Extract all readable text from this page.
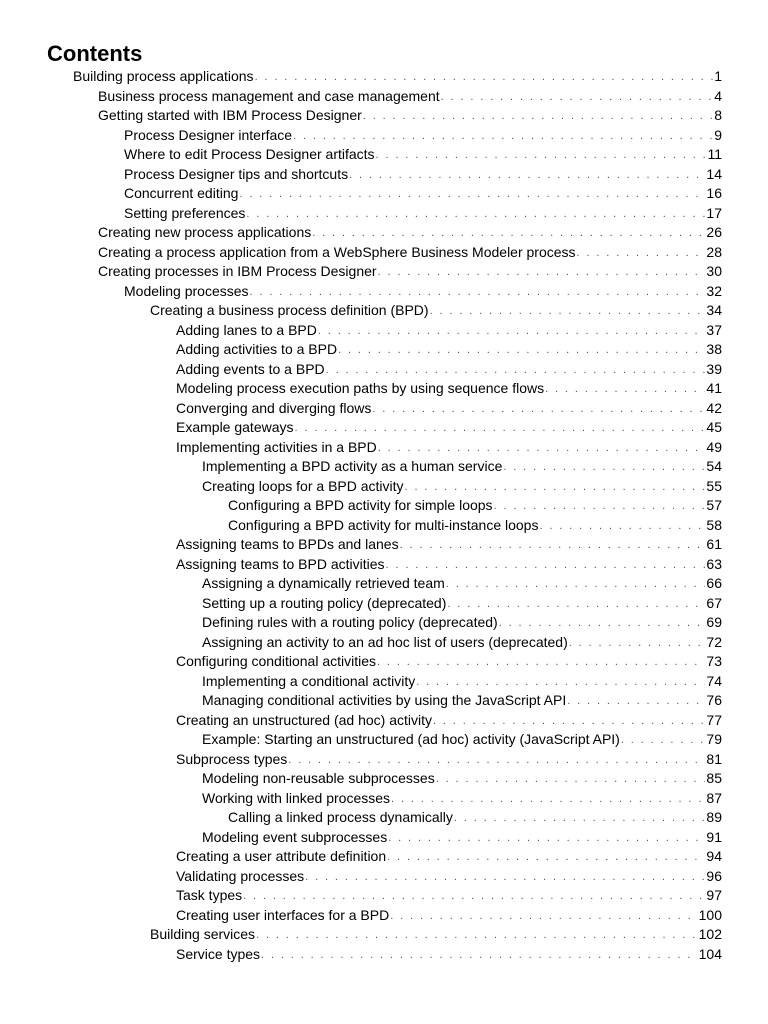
Contents
Building process applications . . .	1
Business process management and case management . . .	4
Getting started with IBM Process Designer . . .	8
Process Designer interface . . .	9
Where to edit Process Designer artifacts . . .	11
Process Designer tips and shortcuts . . .	14
Concurrent editing . . .	16
Setting preferences . . .	17
Creating new process applications . . .	26
Creating a process application from a WebSphere Business Modeler process . . .	28
Creating processes in IBM Process Designer . . .	30
Modeling processes . . .	32
Creating a business process definition (BPD) . . .	34
Adding lanes to a BPD . . .	37
Adding activities to a BPD . . .	38
Adding events to a BPD . . .	39
Modeling process execution paths by using sequence flows . . .	41
Converging and diverging flows . . .	42
Example gateways . . .	45
Implementing activities in a BPD . . .	49
Implementing a BPD activity as a human service . . .	54
Creating loops for a BPD activity . . .	55
Configuring a BPD activity for simple loops . . .	57
Configuring a BPD activity for multi-instance loops . . .	58
Assigning teams to BPDs and lanes . . .	61
Assigning teams to BPD activities . . .	63
Assigning a dynamically retrieved team . . .	66
Setting up a routing policy (deprecated) . . .	67
Defining rules with a routing policy (deprecated) . . .	69
Assigning an activity to an ad hoc list of users (deprecated) . . .	72
Configuring conditional activities . . .	73
Implementing a conditional activity . . .	74
Managing conditional activities by using the JavaScript API . . .	76
Creating an unstructured (ad hoc) activity . . .	77
Example: Starting an unstructured (ad hoc) activity (JavaScript API) . . .	79
Subprocess types . . .	81
Modeling non-reusable subprocesses . . .	85
Working with linked processes . . .	87
Calling a linked process dynamically . . .	89
Modeling event subprocesses . . .	91
Creating a user attribute definition . . .	94
Validating processes . . .	96
Task types . . .	97
Creating user interfaces for a BPD . . .	100
Building services . . .	102
Service types . . .	104
